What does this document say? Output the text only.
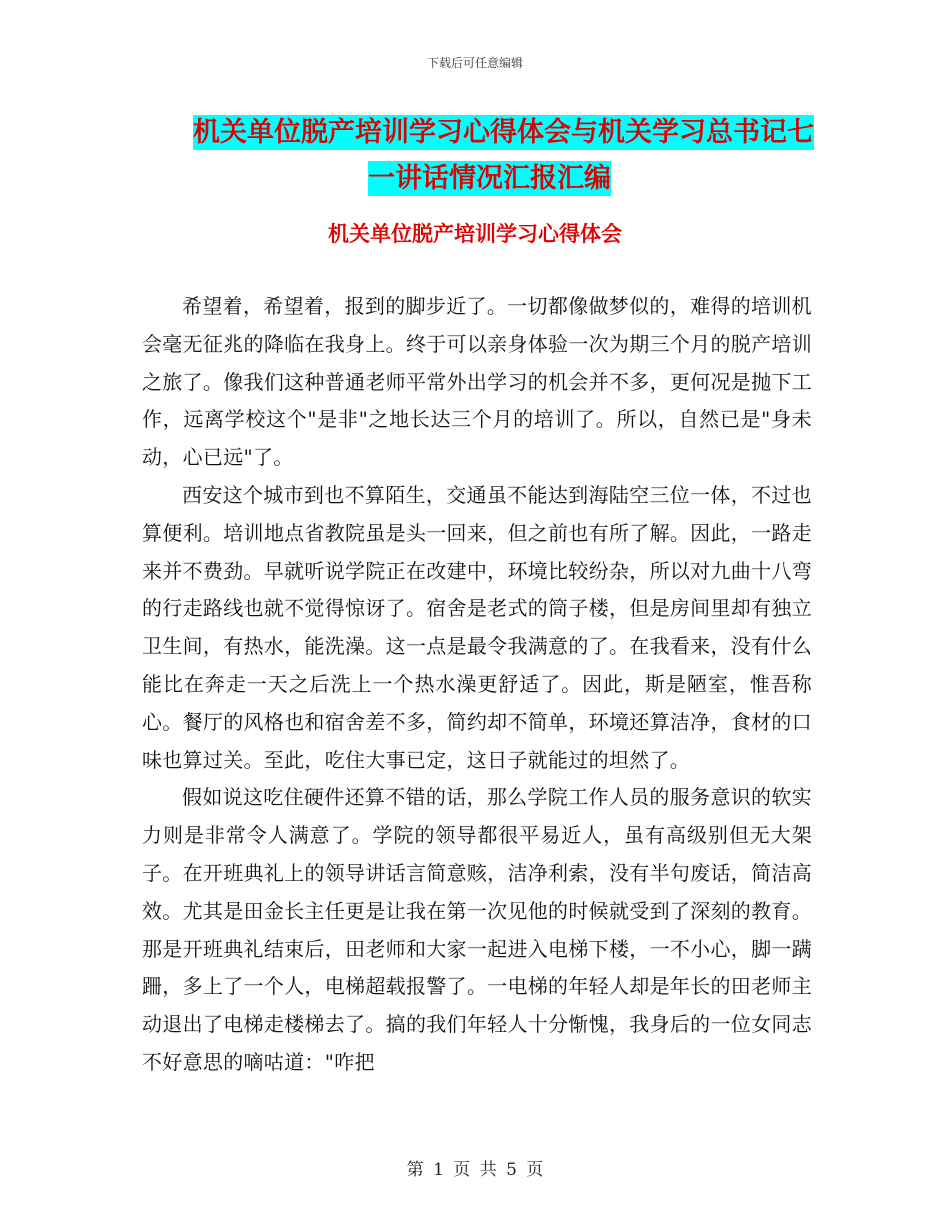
下载后可任意编辑
机关单位脱产培训学习心得体会与机关学习总书记七
一讲话情况汇报汇编
机关单位脱产培训学习心得体会

希望着，希望着，报到的脚步近了。一切都像做梦似的，难得的培训机会毫无征兆的降临在我身上。终于可以亲身体验一次为期三个月的脱产培训之旅了。像我们这种普通老师平常外出学习的机会并不多，更何况是抛下工作，远离学校这个"是非"之地长达三个月的培训了。所以，自然已是"身未动，心已远"了。

西安这个城市到也不算陌生，交通虽不能达到海陆空三位一体，不过也算便利。培训地点省教院虽是头一回来，但之前也有所了解。因此，一路走来并不费劲。早就听说学院正在改建中，环境比较纷杂，所以对九曲十八弯的行走路线也就不觉得惊讶了。宿舍是老式的筒子楼，但是房间里却有独立卫生间，有热水，能洗澡。这一点是最令我满意的了。在我看来，没有什么能比在奔走一天之后洗上一个热水澡更舒适了。因此，斯是陋室，惟吾称心。餐厅的风格也和宿舍差不多，简约却不简单，环境还算洁净，食材的口味也算过关。至此，吃住大事已定，这日子就能过的坦然了。

假如说这吃住硬件还算不错的话，那么学院工作人员的服务意识的软实力则是非常令人满意了。学院的领导都很平易近人，虽有高级别但无大架子。在开班典礼上的领导讲话言简意赅，洁净利索，没有半句废话，简洁高效。尤其是田金长主任更是让我在第一次见他的时候就受到了深刻的教育。那是开班典礼结束后，田老师和大家一起进入电梯下楼，一不小心，脚一蹒跚，多上了一个人，电梯超载报警了。一电梯的年轻人却是年长的田老师主动退出了电梯走楼梯去了。搞的我们年轻人十分惭愧，我身后的一位女同志不好意思的嘀咕道："咋把

第 1 页 共 5 页
